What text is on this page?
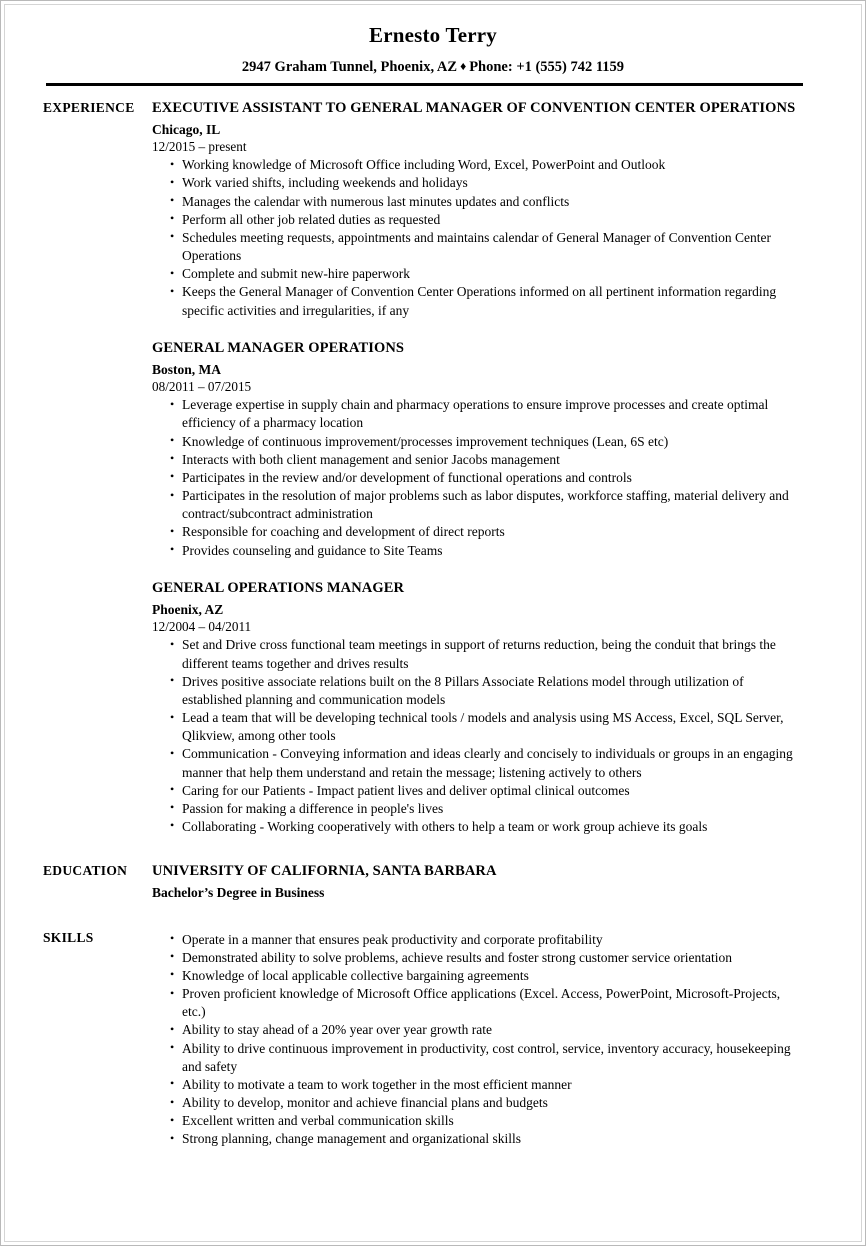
Ernesto Terry
2947 Graham Tunnel, Phoenix, AZ ♦ Phone: +1 (555) 742 1159
EXPERIENCE	EXECUTIVE ASSISTANT TO GENERAL MANAGER OF CONVENTION CENTER OPERATIONS
Chicago, IL
12/2015 – present
• Working knowledge of Microsoft Office including Word, Excel, PowerPoint and Outlook
• Work varied shifts, including weekends and holidays
• Manages the calendar with numerous last minutes updates and conflicts
• Perform all other job related duties as requested
• Schedules meeting requests, appointments and maintains calendar of General Manager of Convention Center Operations
• Complete and submit new-hire paperwork
• Keeps the General Manager of Convention Center Operations informed on all pertinent information regarding specific activities and irregularities, if any
GENERAL MANAGER OPERATIONS
Boston, MA
08/2011 – 07/2015
• Leverage expertise in supply chain and pharmacy operations to ensure improve processes and create optimal efficiency of a pharmacy location
• Knowledge of continuous improvement/processes improvement techniques (Lean, 6S etc)
• Interacts with both client management and senior Jacobs management
• Participates in the review and/or development of functional operations and controls
• Participates in the resolution of major problems such as labor disputes, workforce staffing, material delivery and contract/subcontract administration
• Responsible for coaching and development of direct reports
• Provides counseling and guidance to Site Teams
GENERAL OPERATIONS MANAGER
Phoenix, AZ
12/2004 – 04/2011
• Set and Drive cross functional team meetings in support of returns reduction, being the conduit that brings the different teams together and drives results
• Drives positive associate relations built on the 8 Pillars Associate Relations model through utilization of established planning and communication models
• Lead a team that will be developing technical tools / models and analysis using MS Access, Excel, SQL Server, Qlikview, among other tools
• Communication - Conveying information and ideas clearly and concisely to individuals or groups in an engaging manner that help them understand and retain the message; listening actively to others
• Caring for our Patients - Impact patient lives and deliver optimal clinical outcomes
• Passion for making a difference in people's lives
• Collaborating - Working cooperatively with others to help a team or work group achieve its goals
EDUCATION	UNIVERSITY OF CALIFORNIA, SANTA BARBARA
Bachelor’s Degree in Business
SKILLS	• Operate in a manner that ensures peak productivity and corporate profitability
• Demonstrated ability to solve problems, achieve results and foster strong customer service orientation
• Knowledge of local applicable collective bargaining agreements
• Proven proficient knowledge of Microsoft Office applications (Excel. Access, PowerPoint, Microsoft-Projects, etc.)
• Ability to stay ahead of a 20% year over year growth rate
• Ability to drive continuous improvement in productivity, cost control, service, inventory accuracy, housekeeping and safety
• Ability to motivate a team to work together in the most efficient manner
• Ability to develop, monitor and achieve financial plans and budgets
• Excellent written and verbal communication skills
• Strong planning, change management and organizational skills
